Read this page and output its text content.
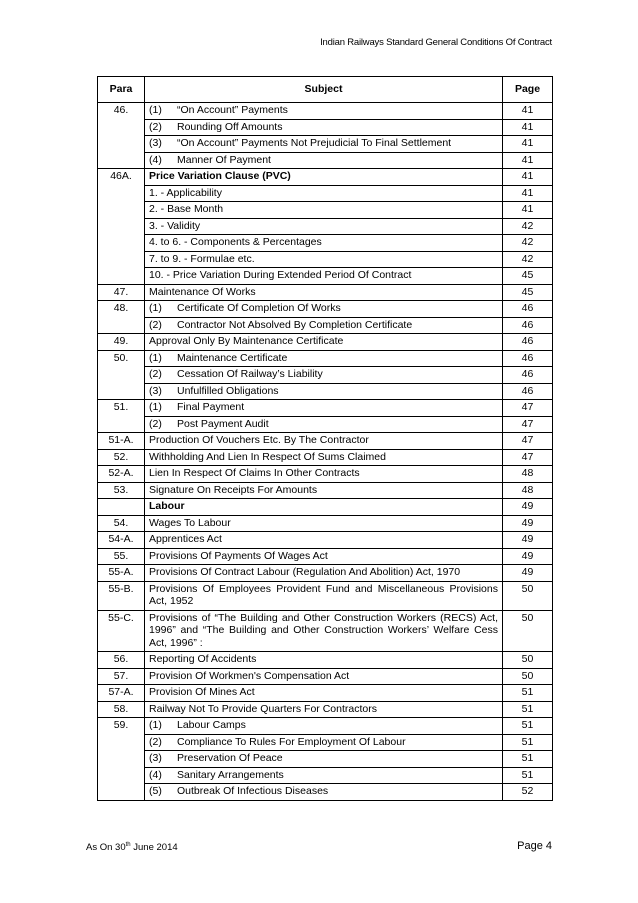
Indian Railways Standard General Conditions Of Contract
Para	Subject	Page
46.	(1) “On Account” Payments	41
	(2) Rounding Off Amounts	41
	(3) “On Account” Payments Not Prejudicial To Final Settlement	41
	(4) Manner Of Payment	41
46A.	Price Variation Clause (PVC)	41
	1. - Applicability	41
	2. - Base Month	41
	3. - Validity	42
	4. to 6. - Components & Percentages	42
	7. to 9. - Formulae etc.	42
	10. - Price Variation During Extended Period Of Contract	45
47.	Maintenance Of Works	45
48.	(1) Certificate Of Completion Of Works	46
	(2) Contractor Not Absolved By Completion Certificate	46
49.	Approval Only By Maintenance Certificate	46
50.	(1) Maintenance Certificate	46
	(2) Cessation Of Railway’s Liability	46
	(3) Unfulfilled Obligations	46
51.	(1) Final Payment	47
	(2) Post Payment Audit	47
51-A.	Production Of Vouchers Etc. By The Contractor	47
52.	Withholding And Lien In Respect Of Sums Claimed	47
52-A.	Lien In Respect Of Claims In Other Contracts	48
53.	Signature On Receipts For Amounts	48
	Labour	49
54.	Wages To Labour	49
54-A.	Apprentices Act	49
55.	Provisions Of Payments Of Wages Act	49
55-A.	Provisions Of Contract Labour (Regulation And Abolition) Act, 1970	49
55-B.	Provisions Of Employees Provident Fund and Miscellaneous Provisions Act, 1952	50
55-C.	Provisions of “The Building and Other Construction Workers (RECS) Act, 1996” and “The Building and Other Construction Workers’ Welfare Cess Act, 1996” :	50
56.	Reporting Of Accidents	50
57.	Provision Of Workmen's Compensation Act	50
57-A.	Provision Of Mines Act	51
58.	Railway Not To Provide Quarters For Contractors	51
59.	(1) Labour Camps	51
	(2) Compliance To Rules For Employment Of Labour	51
	(3) Preservation Of Peace	51
	(4) Sanitary Arrangements	51
	(5) Outbreak Of Infectious Diseases	52
As On 30th June 2014	Page 4
